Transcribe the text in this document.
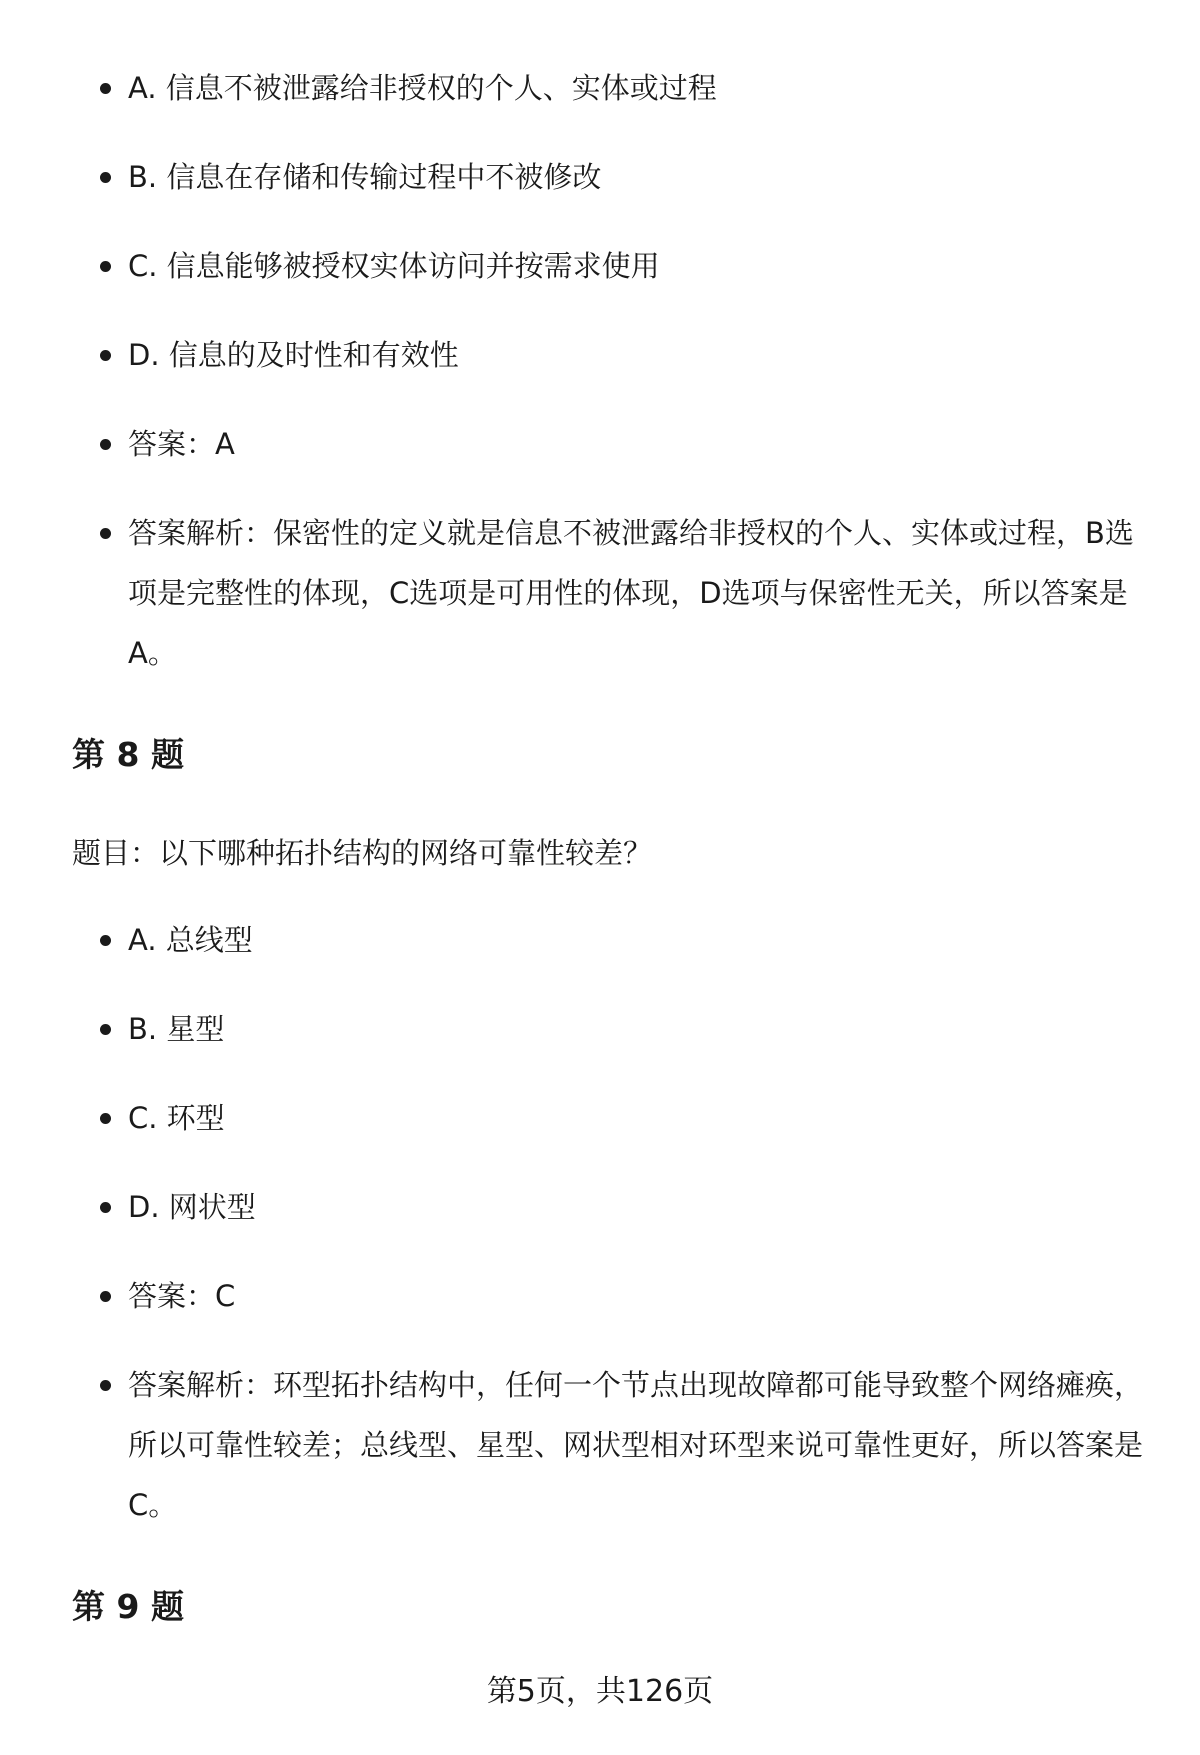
A. 信息不被泄露给非授权的个人、实体或过程
B. 信息在存储和传输过程中不被修改
C. 信息能够被授权实体访问并按需求使用
D. 信息的及时性和有效性
答案：A
答案解析：保密性的定义就是信息不被泄露给非授权的个人、实体或过程，B选项是完整性的体现，C选项是可用性的体现，D选项与保密性无关，所以答案是A。
第 8 题
题目：以下哪种拓扑结构的网络可靠性较差？
A. 总线型
B. 星型
C. 环型
D. 网状型
答案：C
答案解析：环型拓扑结构中，任何一个节点出现故障都可能导致整个网络瘫痪，所以可靠性较差；总线型、星型、网状型相对环型来说可靠性更好，所以答案是C。
第 9 题
第5页，共126页
